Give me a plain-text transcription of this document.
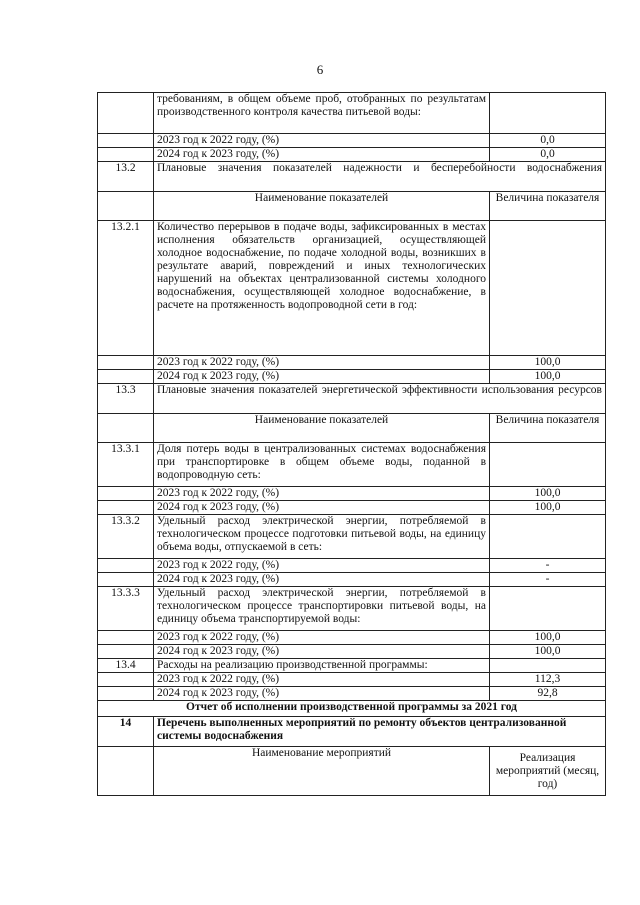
6
	требованиям, в общем объеме проб, отобранных по результатам производственного контроля качества питьевой воды:	
	2023 год к 2022 году, (%)	0,0
	2024 год к 2023 году, (%)	0,0
13.2	Плановые значения показателей надежности и бесперебойности водоснабжения	
	Наименование показателей	Величина показателя
13.2.1	Количество перерывов в подаче воды, зафиксированных в местах исполнения обязательств организацией, осуществляющей холодное водоснабжение, по подаче холодной воды, возникших в результате аварий, повреждений и иных технологических нарушений на объектах централизованной системы холодного водоснабжения, осуществляющей холодное водоснабжение, в расчете на протяженность водопроводной сети в год:	
	2023 год к 2022 году, (%)	100,0
	2024 год к 2023 году, (%)	100,0
13.3	Плановые значения показателей энергетической эффективности использования ресурсов	
	Наименование показателей	Величина показателя
13.3.1	Доля потерь воды в централизованных системах водоснабжения при транспортировке в общем объеме воды, поданной в водопроводную сеть:	
	2023 год к 2022 году, (%)	100,0
	2024 год к 2023 году, (%)	100,0
13.3.2	Удельный расход электрической энергии, потребляемой в технологическом процессе подготовки питьевой воды, на единицу объема воды, отпускаемой в сеть:	
	2023 год к 2022 году, (%)	-
	2024 год к 2023 году, (%)	-
13.3.3	Удельный расход электрической энергии, потребляемой в технологическом процессе транспортировки питьевой воды, на единицу объема транспортируемой воды:	
	2023 год к 2022 году, (%)	100,0
	2024 год к 2023 году, (%)	100,0
13.4	Расходы на реализацию производственной программы:	
	2023 год к 2022 году, (%)	112,3
	2024 год к 2023 году, (%)	92,8
Отчет об исполнении производственной программы за 2021 год		
14	Перечень выполненных мероприятий по ремонту объектов централизованной системы водоснабжения	
	Наименование мероприятий	Реализация мероприятий (месяц, год)
